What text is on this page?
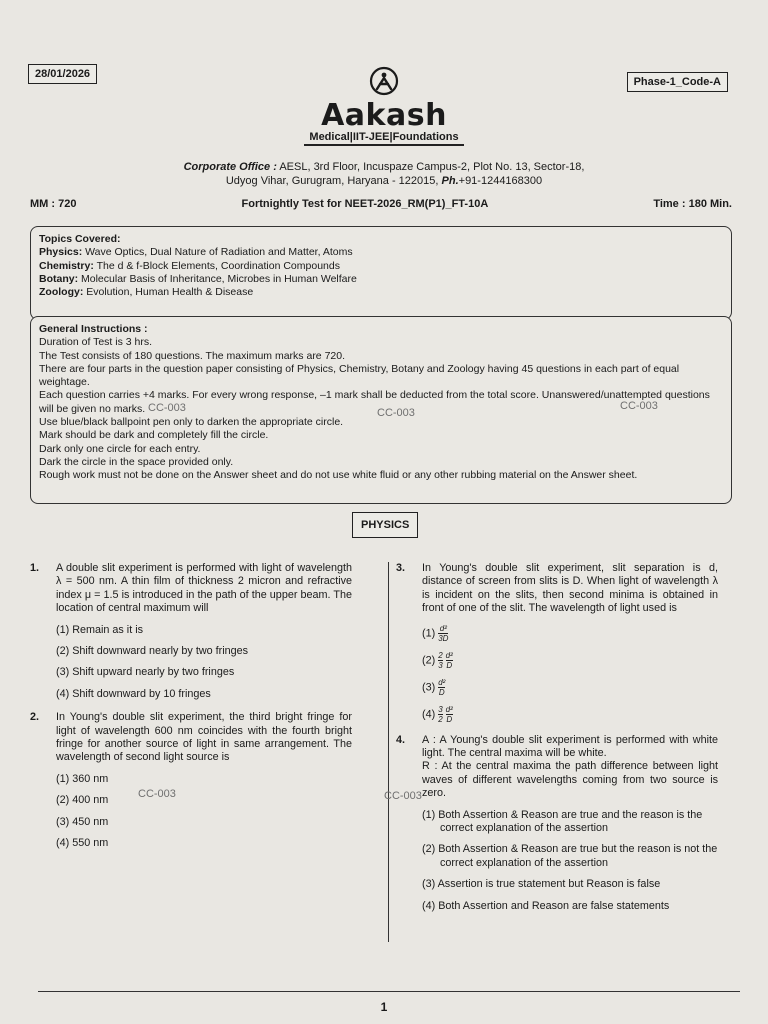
28/01/2026
Phase-1_Code-A
Aakash
Medical|IIT-JEE|Foundations
Corporate Office : AESL, 3rd Floor, Incuspaze Campus-2, Plot No. 13, Sector-18,
Udyog Vihar, Gurugram, Haryana - 122015, Ph.+91-1244168300
MM : 720	Fortnightly Test for NEET-2026_RM(P1)_FT-10A	Time : 180 Min.
Topics Covered:
Physics: Wave Optics, Dual Nature of Radiation and Matter, Atoms
Chemistry: The d & f-Block Elements, Coordination Compounds
Botany: Molecular Basis of Inheritance, Microbes in Human Welfare
Zoology: Evolution, Human Health & Disease
General Instructions :
Duration of Test is 3 hrs.
The Test consists of 180 questions. The maximum marks are 720.
There are four parts in the question paper consisting of Physics, Chemistry, Botany and Zoology having 45 questions in each part of equal weightage.
Each question carries +4 marks. For every wrong response, –1 mark shall be deducted from the total score. Unanswered/unattempted questions will be given no marks.
Use blue/black ballpoint pen only to darken the appropriate circle.
Mark should be dark and completely fill the circle.
Dark only one circle for each entry.
Dark the circle in the space provided only.
Rough work must not be done on the Answer sheet and do not use white fluid or any other rubbing material on the Answer sheet.
PHYSICS
1. A double slit experiment is performed with light of wavelength λ = 500 nm. A thin film of thickness 2 micron and refractive index μ = 1.5 is introduced in the path of the upper beam. The location of central maximum will
(1) Remain as it is
(2) Shift downward nearly by two fringes
(3) Shift upward nearly by two fringes
(4) Shift downward by 10 fringes
2. In Young's double slit experiment, the third bright fringe for light of wavelength 600 nm coincides with the fourth bright fringe for another source of light in same arrangement. The wavelength of second light source is
(1) 360 nm
(2) 400 nm
(3) 450 nm
(4) 550 nm
3. In Young's double slit experiment, slit separation is d, distance of screen from slits is D. When light of wavelength λ is incident on the slits, then second minima is obtained in front of one of the slit. The wavelength of light used is
$(1) \frac{\text{d²}}{3D}$
$(2) \frac{2}{3}$
$\frac{\text{d²}}{D}$
$(3) \frac{\text{d²}}{D}$
$(4) \frac{3}{2}$
$\frac{\text{d²}}{D}$
4. A : A Young's double slit experiment is performed with white light. The central maxima will be white.
R : At the central maxima the path difference between light waves of different wavelengths coming from two source is zero.
(1) Both Assertion & Reason are true and the reason is the correct explanation of the assertion
(2) Both Assertion & Reason are true but the reason is not the correct explanation of the assertion
(3) Assertion is true statement but Reason is false
(4) Both Assertion and Reason are false statements
CC-003	CC-003
CC-003
CC-003	CC-003
1
